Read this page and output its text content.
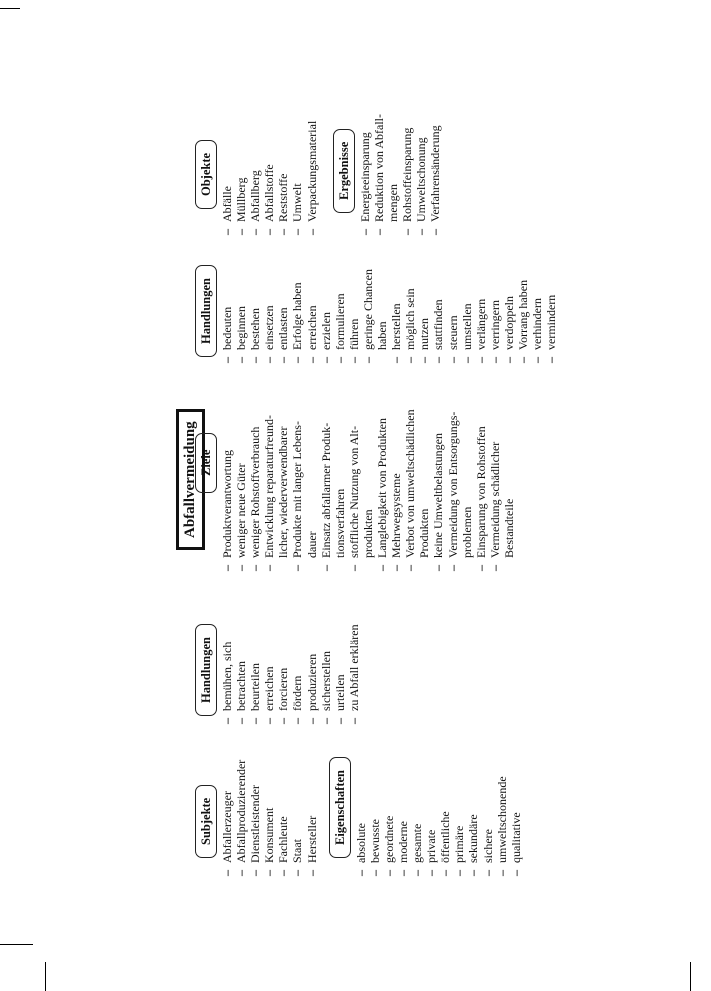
Abfallvermeidung
Subjekte – Abfallerzeuger – Abfallproduzierender – Dienstleistender – Konsument – Fachleute – Staat – Hersteller	Eigenschaften – absolute – bewusste – geordnete – moderne – gesamte – private – öffentliche – primäre – sekundäre – sichere – umweltschonende – qualitative
Handlungen – bemühen, sich – betrachten – beurteilen – erreichen – forcieren – fördern – produzieren – sicherstellen – urteilen – zu Abfall erklären
Ziele – Produktverantwortung – weniger neue Güter – weniger Rohstoffverbrauch – Entwicklung reparaturfreund- licher, wiederverwendbarer – Produkte mit langer Lebens- dauer – Einsatz abfallarmer Produk- tionsverfahren – stoffliche Nutzung von Alt- produkten – Langlebigkeit von Produkten – Mehrwegsysteme – Verbot von umweltschädlichen Produkten – keine Umweltbelastungen – Vermeidung von Entsorgungs- problemen – Einsparung von Rohstoffen – Vermeidung schädlicher Bestandteile
Handlungen – bedeuten – beginnen – bestehen – einsetzen – entlasten – Erfolge haben – erreichen – erzielen – formulieren – führen – geringe Chancen haben – herstellen – möglich sein – nutzen – stattfinden – steuern – umstellen – verlängern – verringern – verdoppeln – Vorrang haben – verhindern – vermindern
Objekte
– Abfälle – Müllberg – Abfallberg – Abfallstoffe – Reststoffe – Umwelt – Verpackungsmaterial	Ergebnisse – Energieeinsparung – Reduktion von Abfall- mengen – Rohstoffeinsparung – Umweltschonung – Verfahrensänderung
